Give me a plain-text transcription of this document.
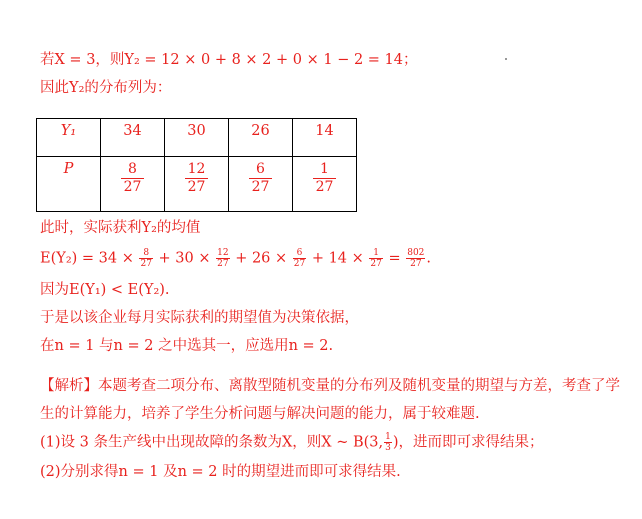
若X = 3，则Y₂ = 12 × 0 + 8 × 2 + 0 × 1 − 2 = 14；
因此Y₂的分布列为：
Y₁	34	30	26	14
P	$\frac{8}{27}$	$\frac{12}{27}$	$\frac{6}{27}$	$\frac{1}{27}$
此时，实际获利Y₂的均值
$E(Y_2) = 34 \times \frac{8}{27} + 30 \times \frac{12}{27} + 26 \times \frac{6}{27} + 14 \times \frac{1}{27} = \frac{802}{27}$ .
因为E(Y₁) < E(Y₂).
于是以该企业每月实际获利的期望值为决策依据，
在n = 1 与n = 2 之中选其一，应选用n = 2.
【解析】本题考查二项分布、离散型随机变量的分布列及随机变量的期望与方差，考查了学
生的计算能力，培养了学生分析问题与解决问题的能力，属于较难题.
(1)设 3 条生产线中出现故障的条数为X，则X ~ B(3, $\frac{1}{3}$ )，进而即可求得结果；
(2)分别求得n = 1 及n = 2 时的期望进而即可求得结果.
